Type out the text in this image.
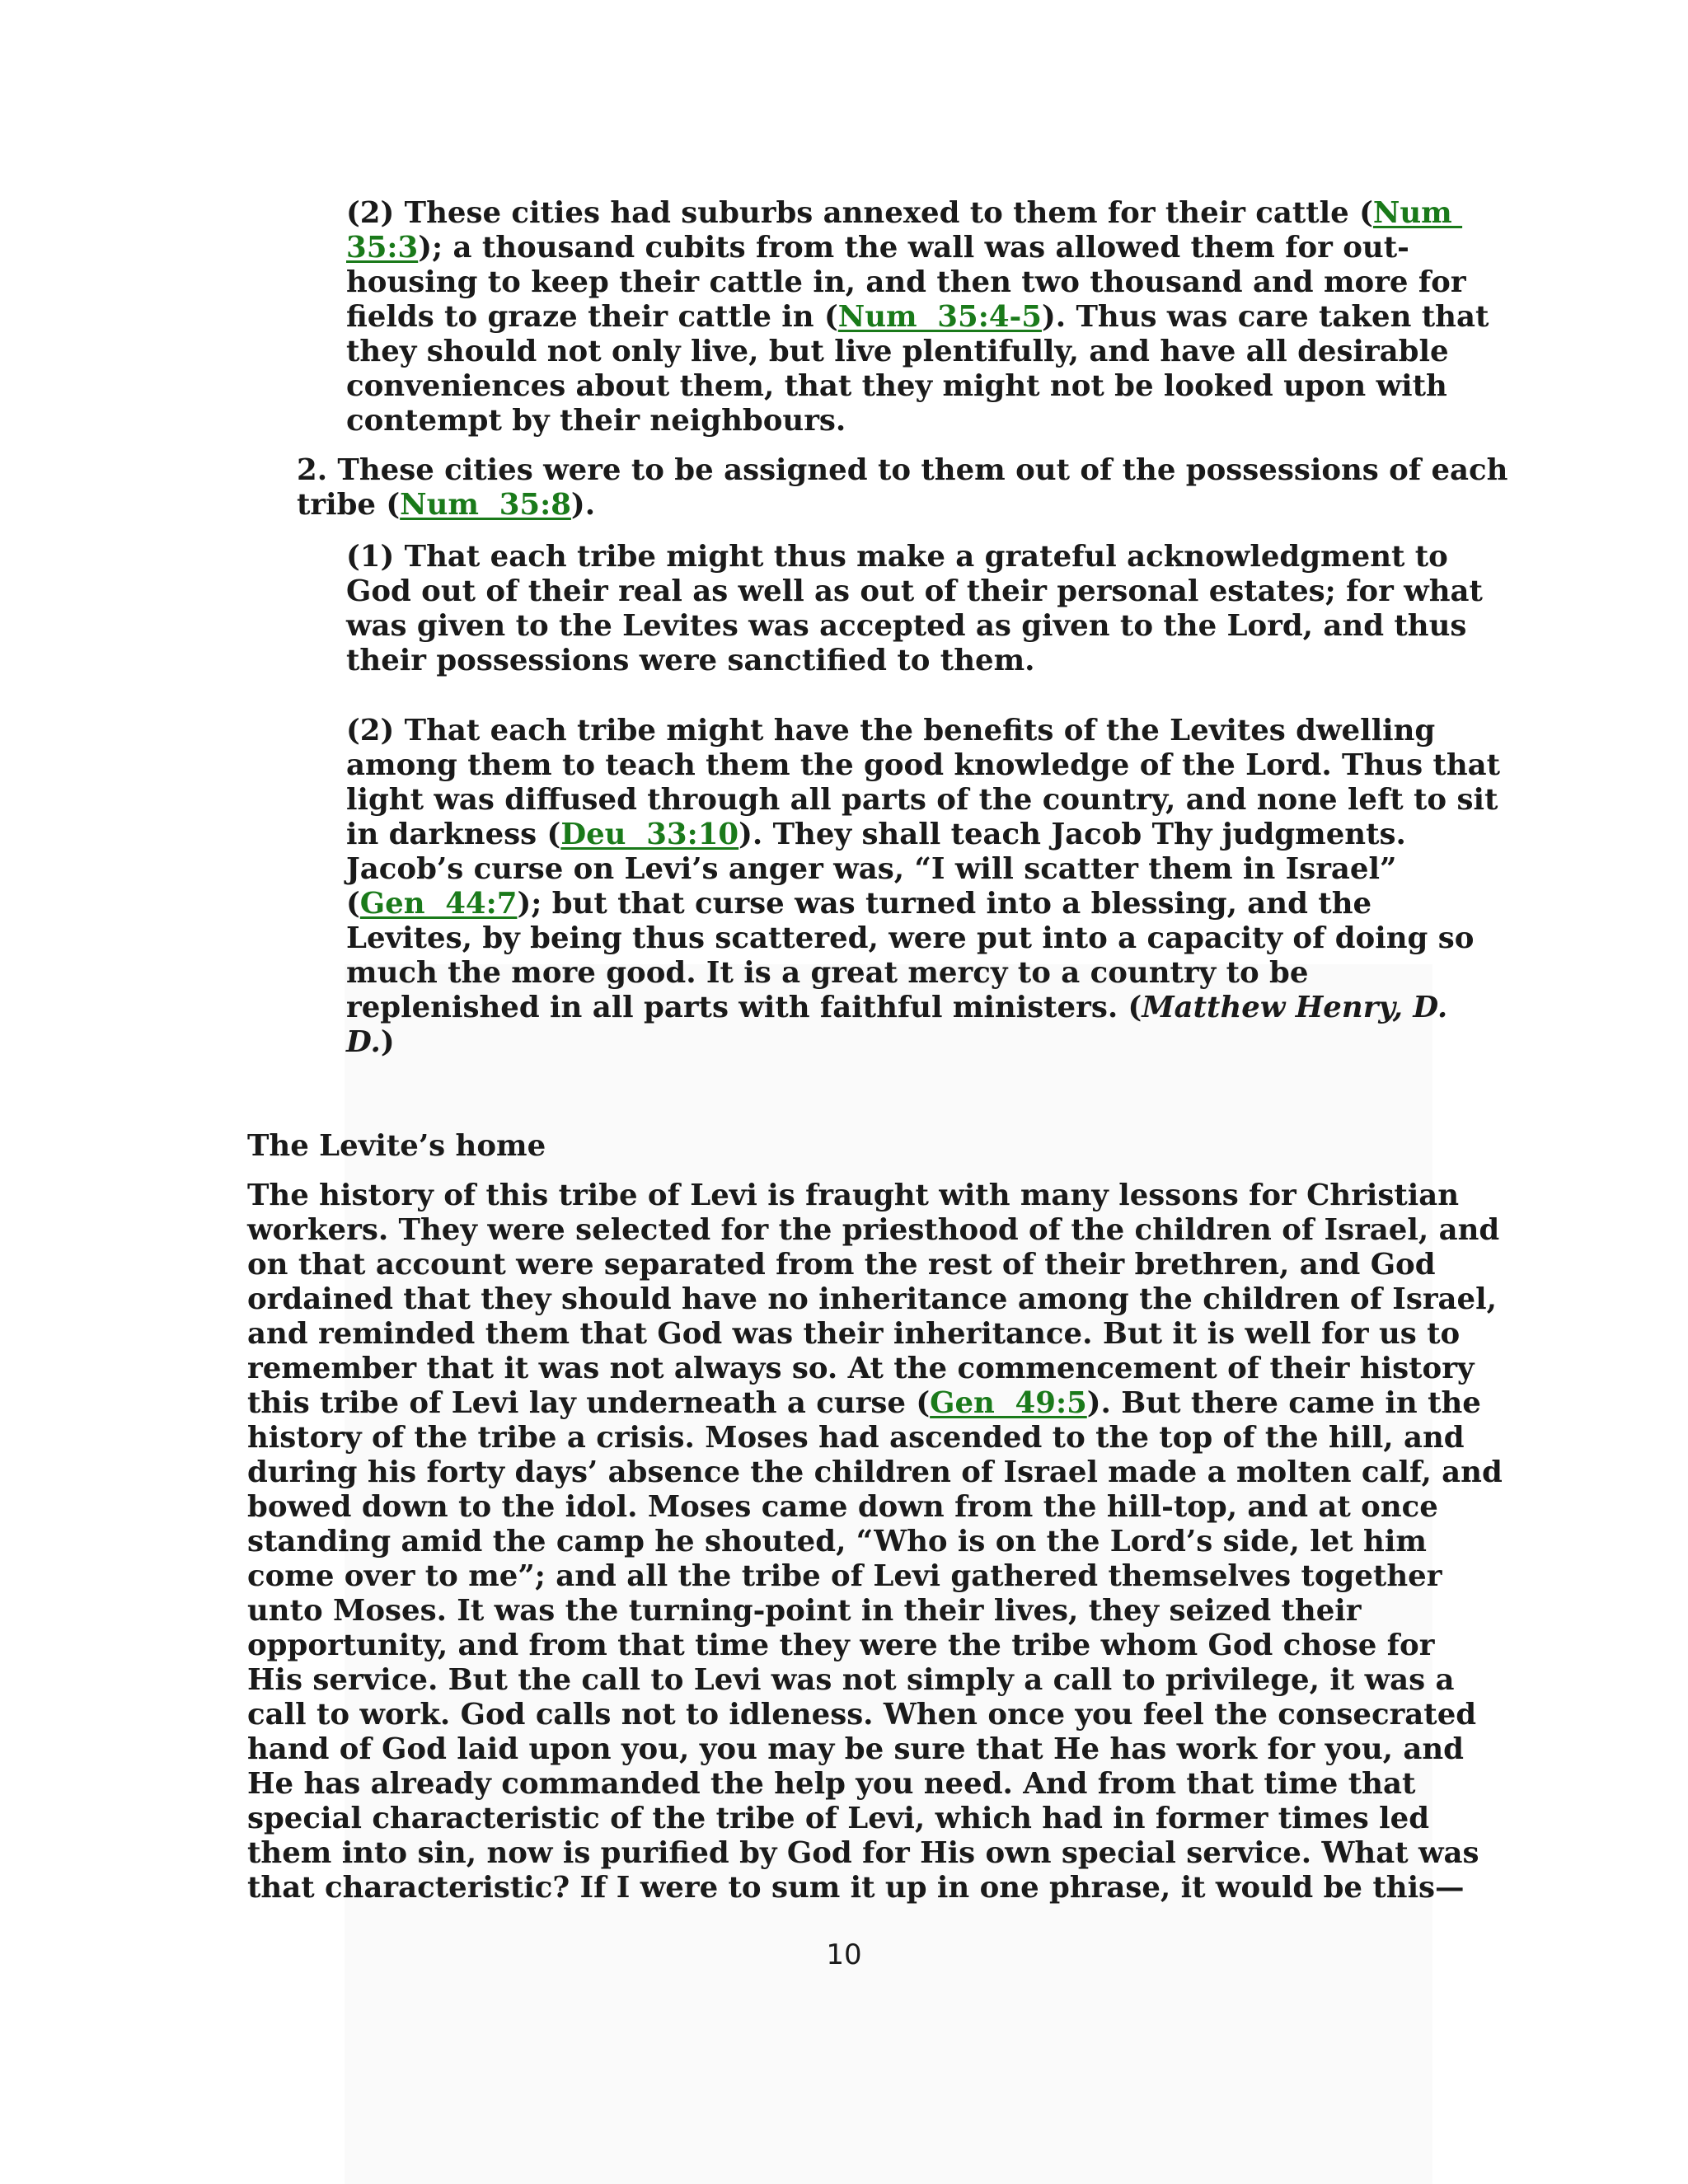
(2) These cities had suburbs annexed to them for their cattle (Num
35:3); a thousand cubits from the wall was allowed them for out-
housing to keep their cattle in, and then two thousand and more for
fields to graze their cattle in (Num  35:4-5). Thus was care taken that
they should not only live, but live plentifully, and have all desirable
conveniences about them, that they might not be looked upon with
contempt by their neighbours.
2. These cities were to be assigned to them out of the possessions of each
tribe (Num  35:8).
(1) That each tribe might thus make a grateful acknowledgment to
God out of their real as well as out of their personal estates; for what
was given to the Levites was accepted as given to the Lord, and thus
their possessions were sanctified to them.
(2) That each tribe might have the benefits of the Levites dwelling
among them to teach them the good knowledge of the Lord. Thus that
light was diffused through all parts of the country, and none left to sit
in darkness (Deu  33:10). They shall teach Jacob Thy judgments.
Jacob’s curse on Levi’s anger was, “I will scatter them in Israel”
(Gen  44:7); but that curse was turned into a blessing, and the
Levites, by being thus scattered, were put into a capacity of doing so
much the more good. It is a great mercy to a country to be
replenished in all parts with faithful ministers. (Matthew Henry, D.
D.)
The Levite’s home
The history of this tribe of Levi is fraught with many lessons for Christian
workers. They were selected for the priesthood of the children of Israel, and
on that account were separated from the rest of their brethren, and God
ordained that they should have no inheritance among the children of Israel,
and reminded them that God was their inheritance. But it is well for us to
remember that it was not always so. At the commencement of their history
this tribe of Levi lay underneath a curse (Gen  49:5). But there came in the
history of the tribe a crisis. Moses had ascended to the top of the hill, and
during his forty days’ absence the children of Israel made a molten calf, and
bowed down to the idol. Moses came down from the hill-top, and at once
standing amid the camp he shouted, “Who is on the Lord’s side, let him
come over to me”; and all the tribe of Levi gathered themselves together
unto Moses. It was the turning-point in their lives, they seized their
opportunity, and from that time they were the tribe whom God chose for
His service. But the call to Levi was not simply a call to privilege, it was a
call to work. God calls not to idleness. When once you feel the consecrated
hand of God laid upon you, you may be sure that He has work for you, and
He has already commanded the help you need. And from that time that
special characteristic of the tribe of Levi, which had in former times led
them into sin, now is purified by God for His own special service. What was
that characteristic? If I were to sum it up in one phrase, it would be this—
10
